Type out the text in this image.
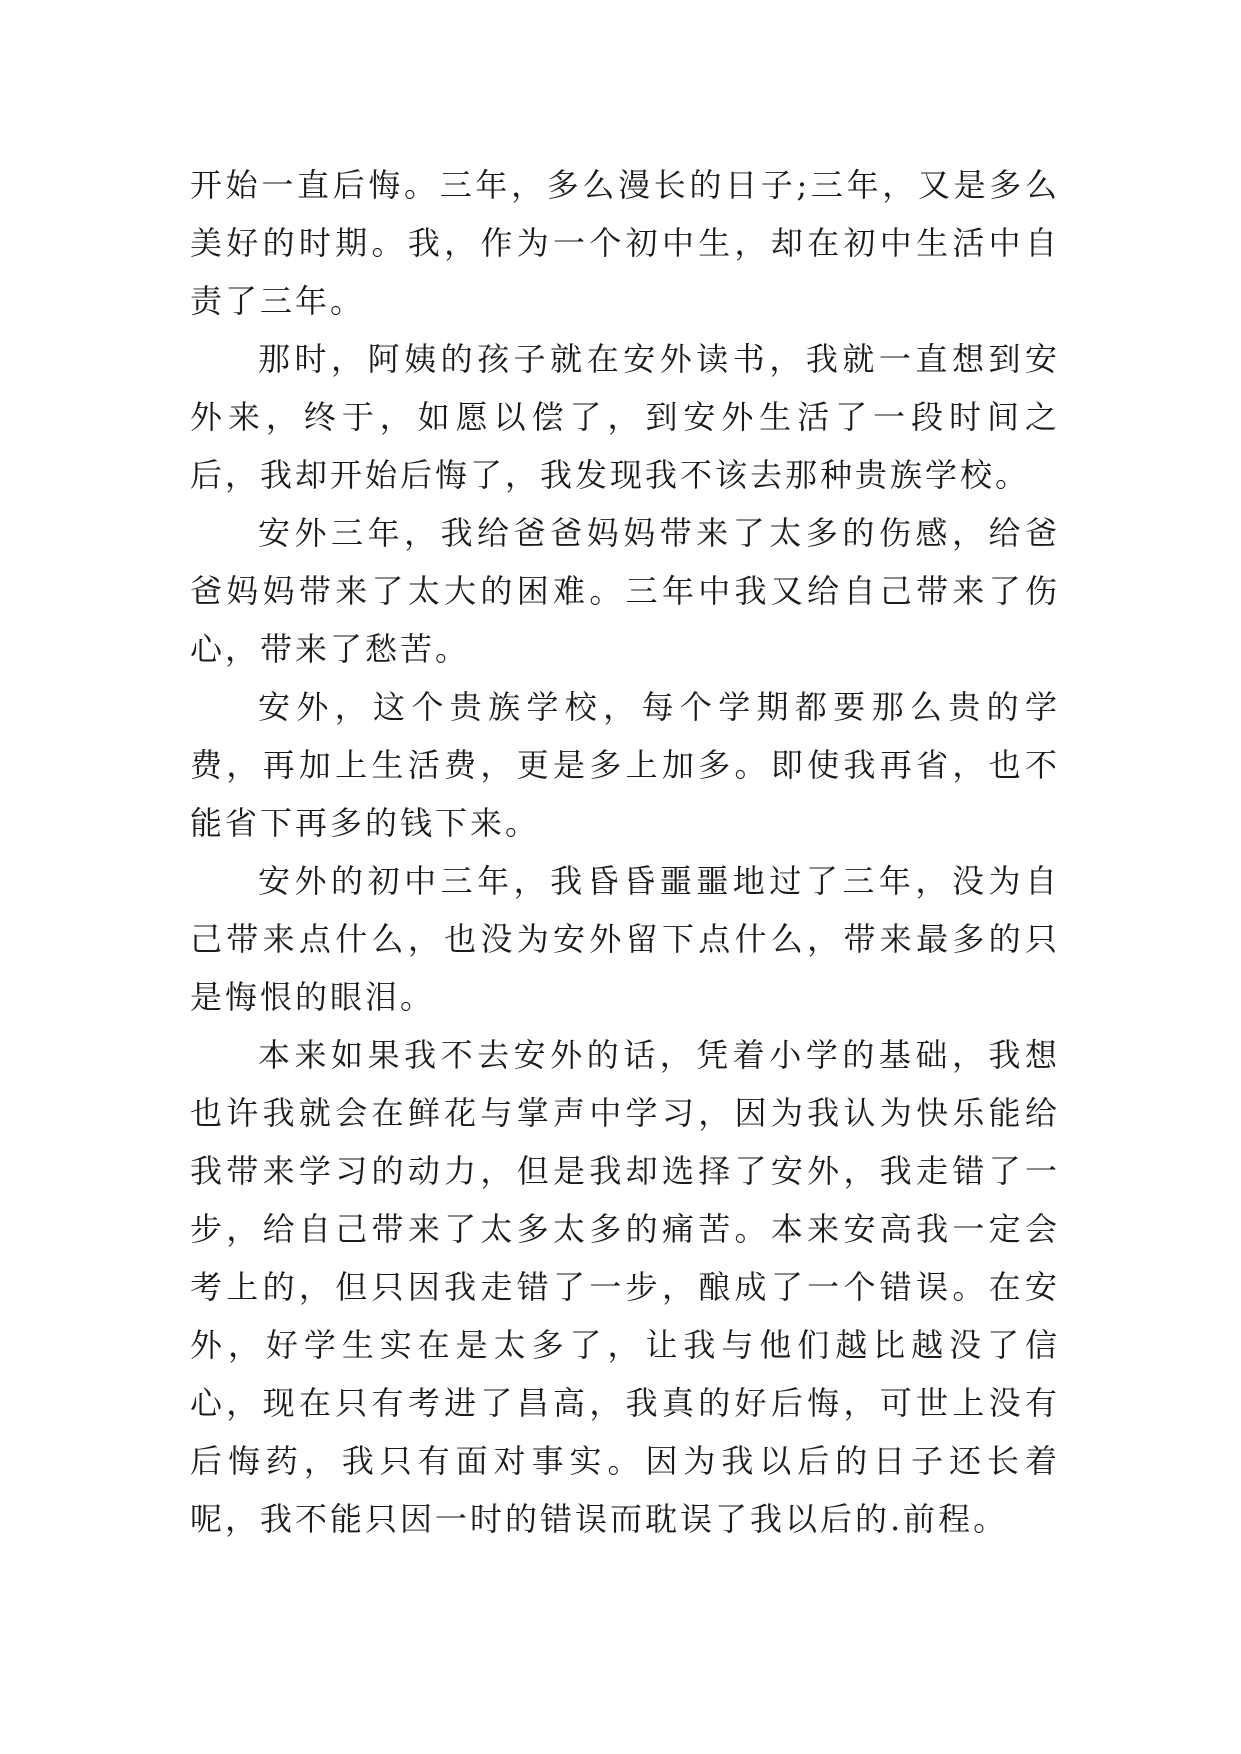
开始一直后悔。三年，多么漫长的日子;三年，又是多么美好的时期。我，作为一个初中生，却在初中生活中自责了三年。

那时，阿姨的孩子就在安外读书，我就一直想到安外来，终于，如愿以偿了，到安外生活了一段时间之后，我却开始后悔了，我发现我不该去那种贵族学校。

安外三年，我给爸爸妈妈带来了太多的伤感，给爸爸妈妈带来了太大的困难。三年中我又给自己带来了伤心，带来了愁苦。

安外，这个贵族学校，每个学期都要那么贵的学费，再加上生活费，更是多上加多。即使我再省，也不能省下再多的钱下来。

安外的初中三年，我昏昏噩噩地过了三年，没为自己带来点什么，也没为安外留下点什么，带来最多的只是悔恨的眼泪。

本来如果我不去安外的话，凭着小学的基础，我想也许我就会在鲜花与掌声中学习，因为我认为快乐能给我带来学习的动力，但是我却选择了安外，我走错了一步，给自己带来了太多太多的痛苦。本来安高我一定会考上的，但只因我走错了一步，酿成了一个错误。在安外，好学生实在是太多了，让我与他们越比越没了信心，现在只有考进了昌高，我真的好后悔，可世上没有后悔药，我只有面对事实。因为我以后的日子还长着呢，我不能只因一时的错误而耽误了我以后的.前程。
